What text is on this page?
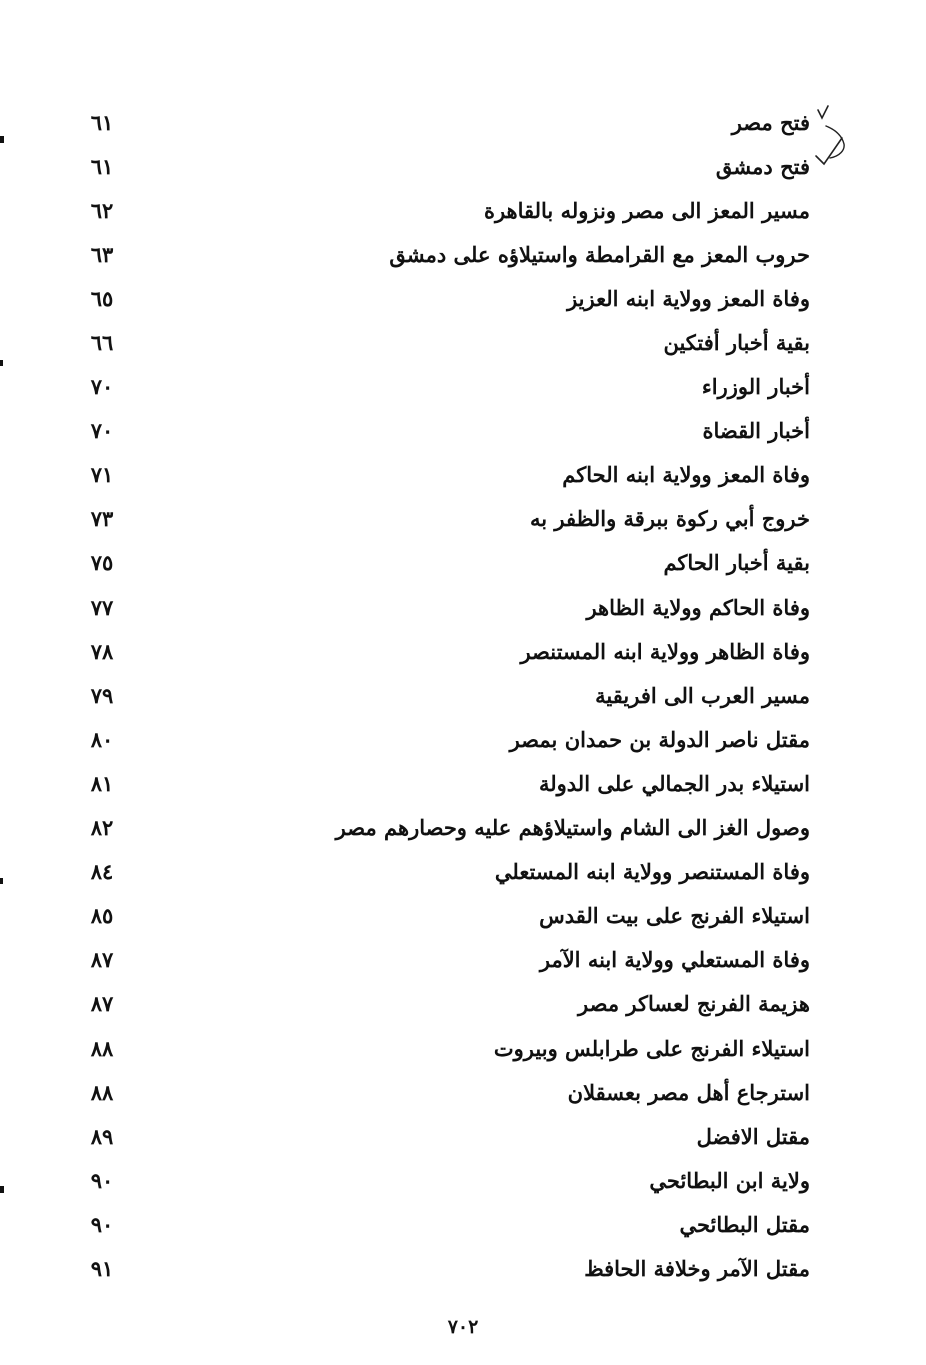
فتح مصر
٦١
فتح دمشق
٦١
مسير المعز الى مصر ونزوله بالقاهرة
٦٢
حروب المعز مع القرامطة واستيلاؤه على دمشق
٦٣
وفاة المعز وولاية ابنه العزيز
٦٥
بقية أخبار أفتكين
٦٦
أخبار الوزراء
٧٠
أخبار القضاة
٧٠
وفاة المعز وولاية ابنه الحاكم
٧١
خروج أبي ركوة ببرقة والظفر به
٧٣
بقية أخبار الحاكم
٧٥
وفاة الحاكم وولاية الظاهر
٧٧
وفاة الظاهر وولاية ابنه المستنصر
٧٨
مسير العرب الى افريقية
٧٩
مقتل ناصر الدولة بن حمدان بمصر
٨٠
استيلاء بدر الجمالي على الدولة
٨١
وصول الغز الى الشام واستيلاؤهم عليه وحصارهم مصر
٨٢
وفاة المستنصر وولاية ابنه المستعلي
٨٤
استيلاء الفرنج على بيت القدس
٨٥
وفاة المستعلي وولاية ابنه الآمر
٨٧
هزيمة الفرنج لعساكر مصر
٨٧
استيلاء الفرنج على طرابلس وبيروت
٨٨
استرجاع أهل مصر بعسقلان
٨٨
مقتل الافضل
٨٩
ولاية ابن البطائحي
٩٠
مقتل البطائحي
٩٠
مقتل الآمر وخلافة الحافظ
٩١
٧٠٢
